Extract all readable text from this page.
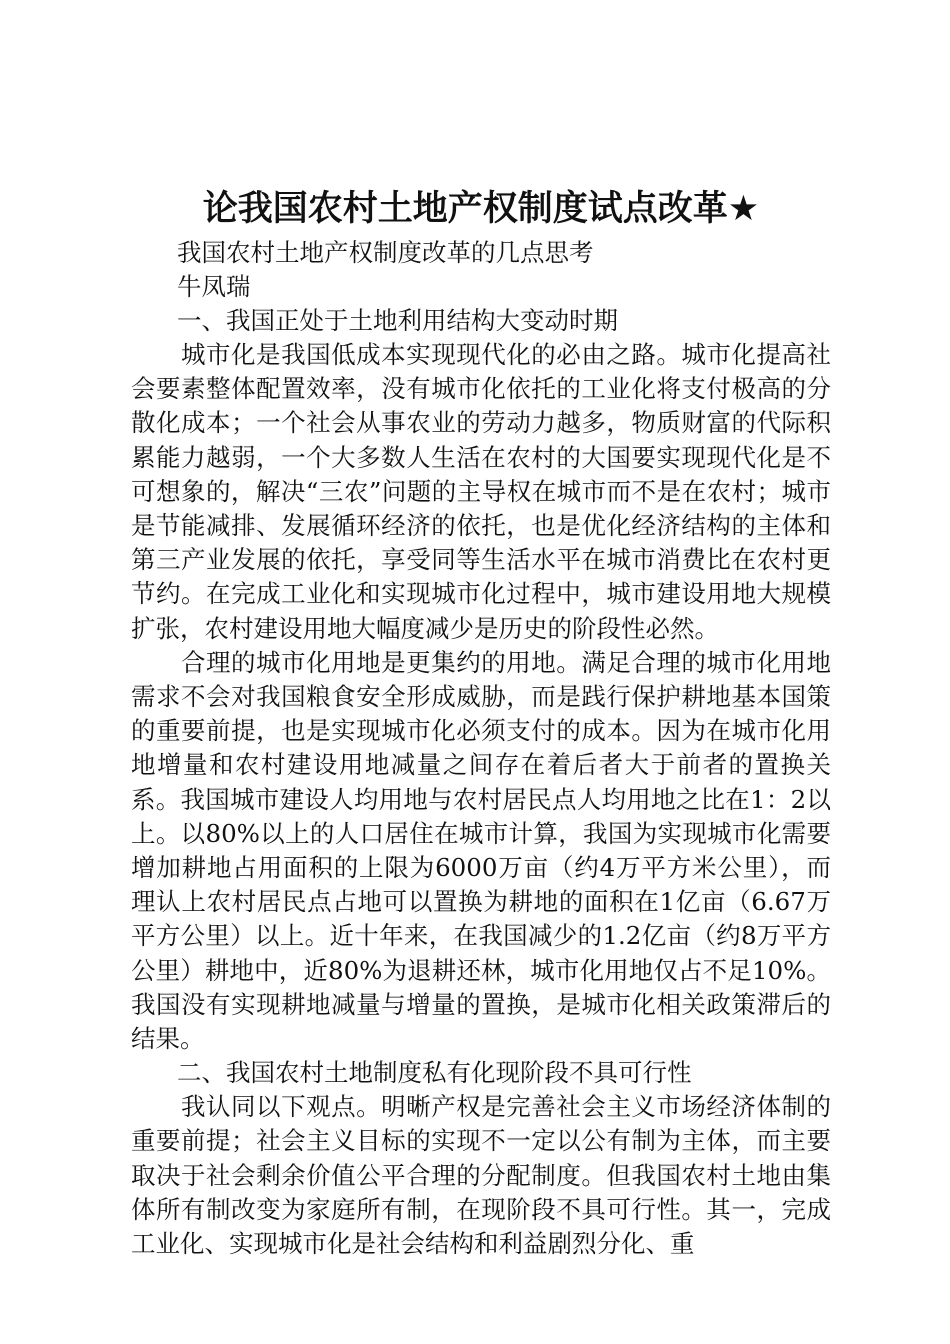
论我国农村土地产权制度试点改革★

我国农村土地产权制度改革的几点思考

牛凤瑞

一、我国正处于土地利用结构大变动时期

城市化是我国低成本实现现代化的必由之路。城市化提高社会要素整体配置效率，没有城市化依托的工业化将支付极高的分散化成本；一个社会从事农业的劳动力越多，物质财富的代际积累能力越弱，一个大多数人生活在农村的大国要实现现代化是不可想象的，解决“三农”问题的主导权在城市而不是在农村；城市是节能减排、发展循环经济的依托，也是优化经济结构的主体和第三产业发展的依托，享受同等生活水平在城市消费比在农村更节约。在完成工业化和实现城市化过程中，城市建设用地大规模扩张，农村建设用地大幅度减少是历史的阶段性必然。

合理的城市化用地是更集约的用地。满足合理的城市化用地需求不会对我国粮食安全形成威胁，而是践行保护耕地基本国策的重要前提，也是实现城市化必须支付的成本。因为在城市化用地增量和农村建设用地减量之间存在着后者大于前者的置换关系。我国城市建设人均用地与农村居民点人均用地之比在1：2以上。以80%以上的人口居住在城市计算，我国为实现城市化需要增加耕地占用面积的上限为6000万亩（约4万平方米公里），而理认上农村居民点占地可以置换为耕地的面积在1亿亩（6.67万平方公里）以上。近十年来，在我国减少的1.2亿亩（约8万平方公里）耕地中，近80%为退耕还林，城市化用地仅占不足10%。我国没有实现耕地减量与增量的置换，是城市化相关政策滞后的结果。

二、我国农村土地制度私有化现阶段不具可行性

我认同以下观点。明晰产权是完善社会主义市场经济体制的重要前提；社会主义目标的实现不一定以公有制为主体，而主要取决于社会剩余价值公平合理的分配制度。但我国农村土地由集体所有制改变为家庭所有制，在现阶段不具可行性。其一，完成工业化、实现城市化是社会结构和利益剧烈分化、重
